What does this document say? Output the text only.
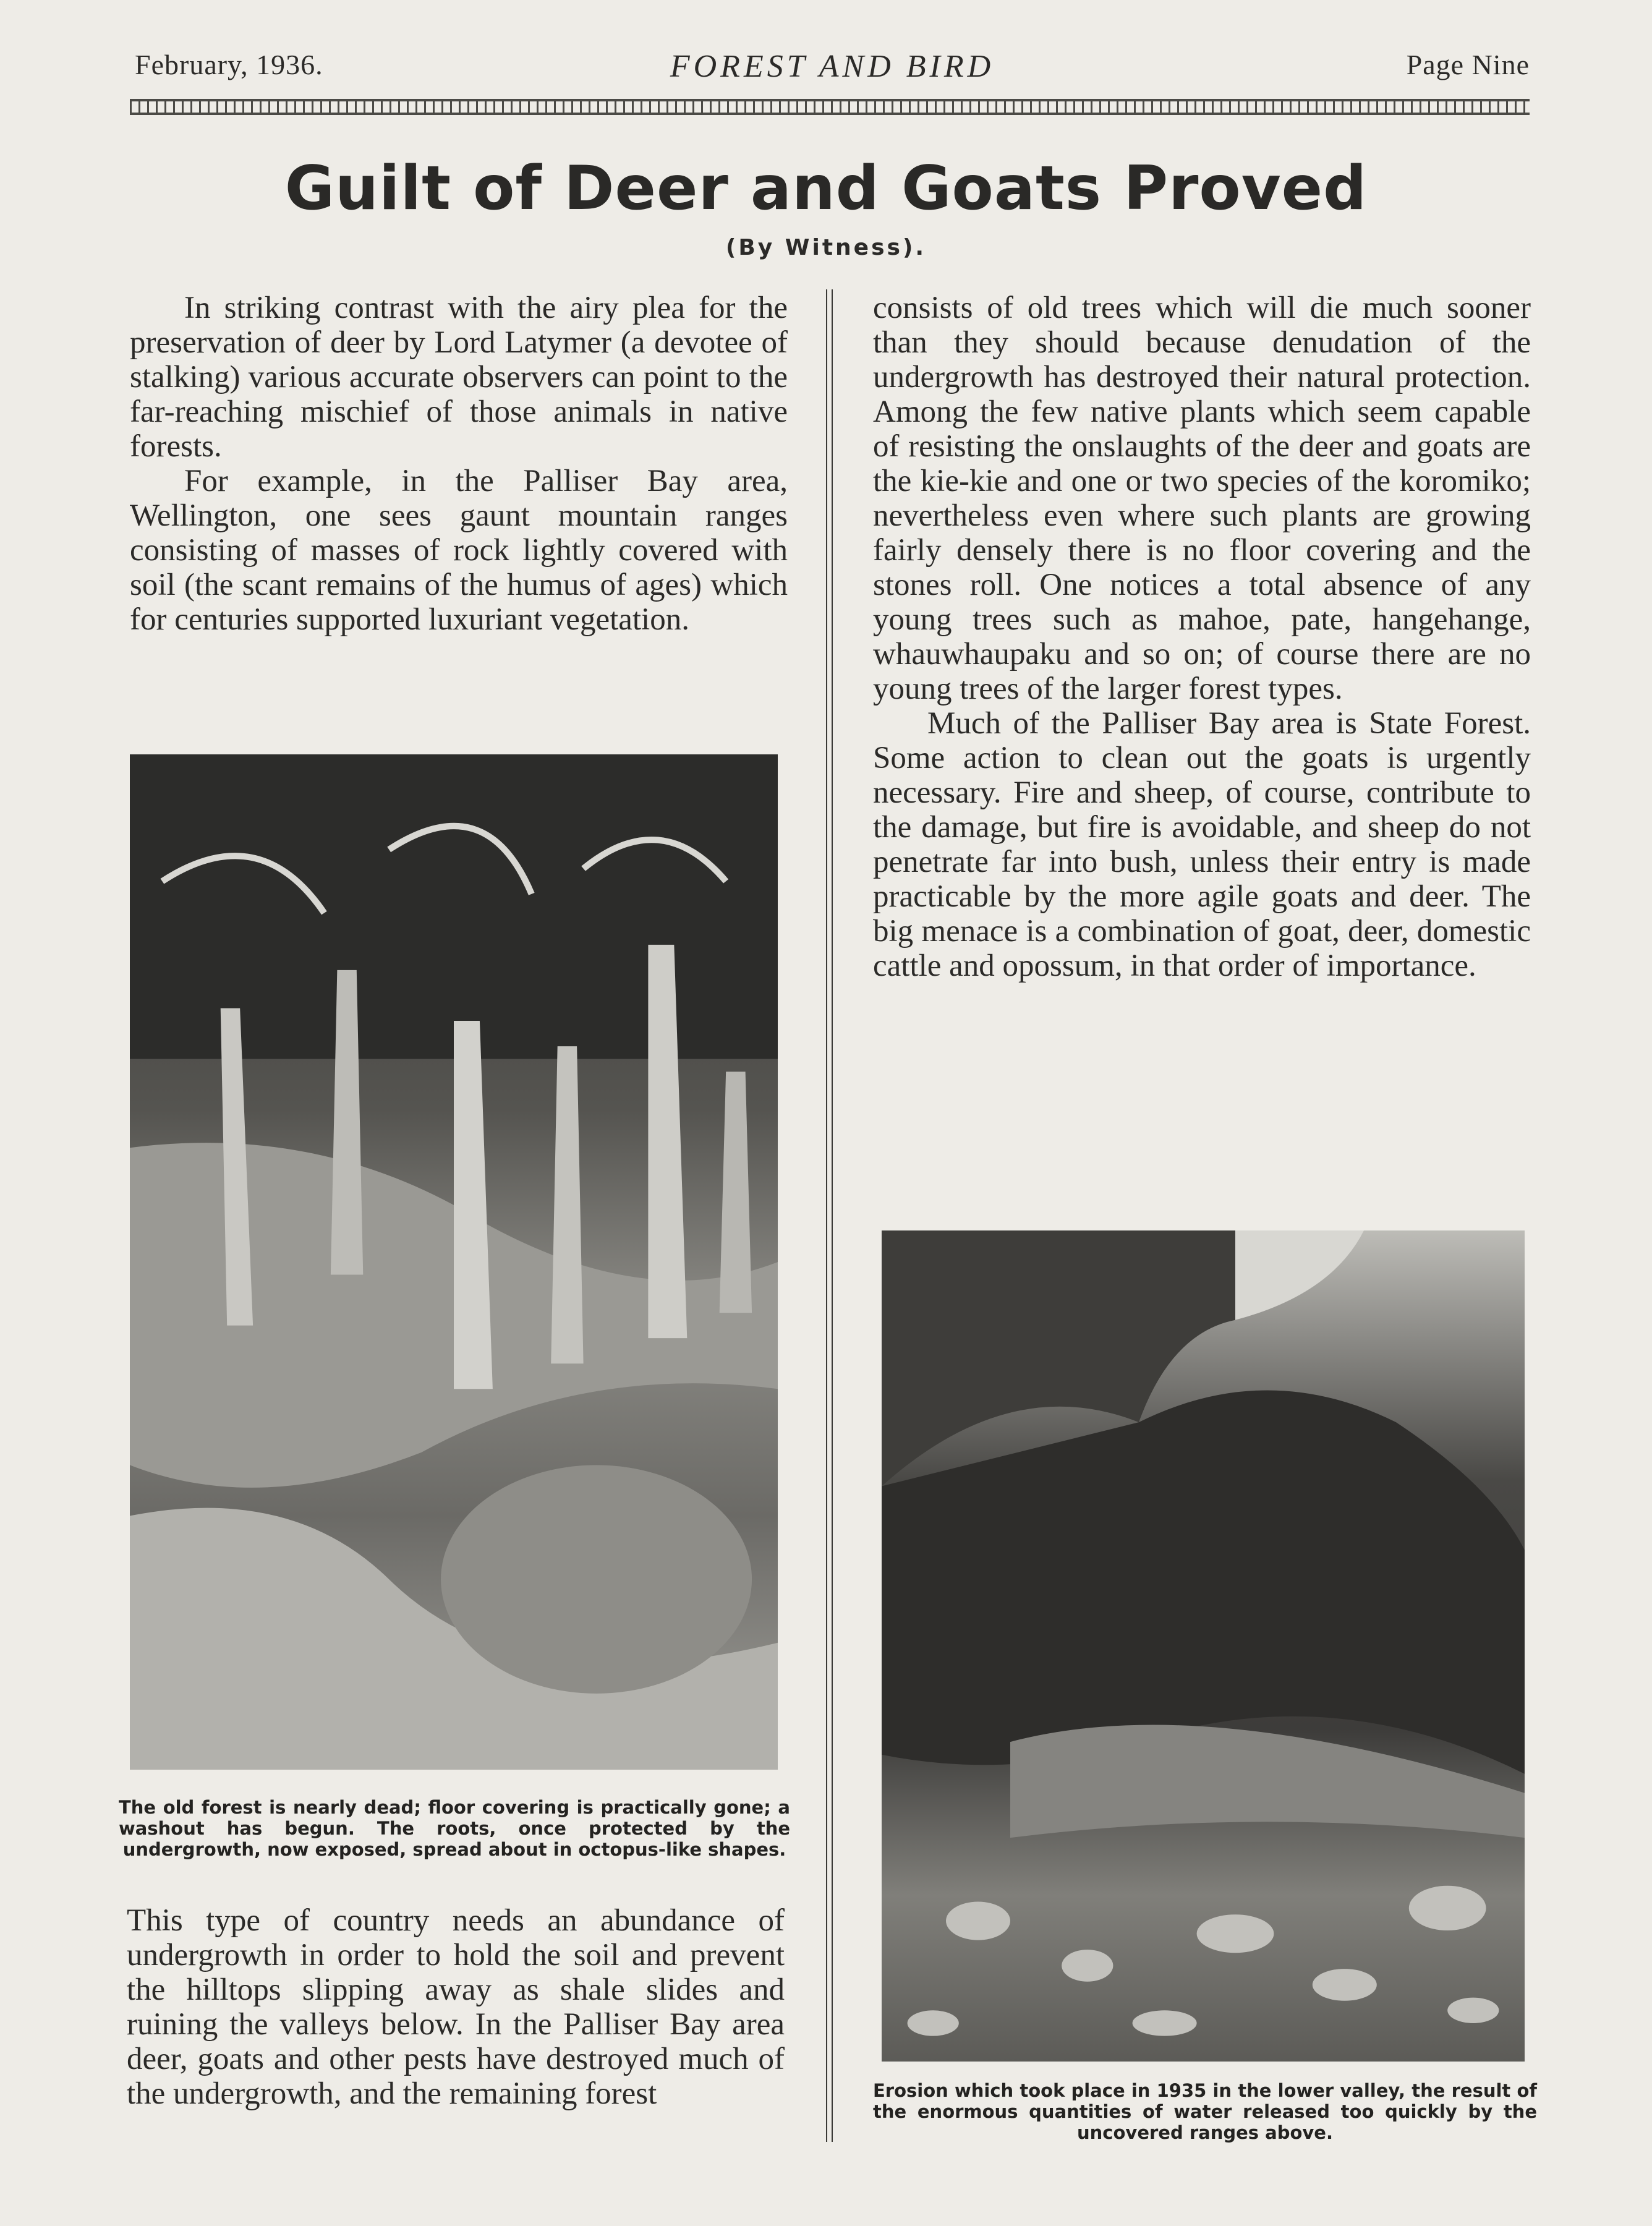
February, 1936.	FOREST AND BIRD	Page Nine
Guilt of Deer and Goats Proved
(By Witness).

In striking contrast with the airy plea for the preservation of deer by Lord Latymer (a devotee of stalking) various accurate observers can point to the far-reaching mischief of those animals in native forests.

For example, in the Palliser Bay area, Wellington, one sees gaunt mountain ranges consisting of masses of rock lightly covered with soil (the scant remains of the humus of ages) which for centuries supported luxuriant vegetation.

The old forest is nearly dead; floor covering is practically gone; a washout has begun. The roots, once protected by the undergrowth, now exposed, spread about in octopus-like shapes.

This type of country needs an abundance of undergrowth in order to hold the soil and prevent the hilltops slipping away as shale slides and ruining the valleys below. In the Palliser Bay area deer, goats and other pests have destroyed much of the undergrowth, and the remaining forest

consists of old trees which will die much sooner than they should because denudation of the undergrowth has destroyed their natural protection. Among the few native plants which seem capable of resisting the onslaughts of the deer and goats are the kie-kie and one or two species of the koromiko; nevertheless even where such plants are growing fairly densely there is no floor covering and the stones roll. One notices a total absence of any young trees such as mahoe, pate, hangehange, whauwhaupaku and so on; of course there are no young trees of the larger forest types.

Much of the Palliser Bay area is State Forest. Some action to clean out the goats is urgently necessary. Fire and sheep, of course, contribute to the damage, but fire is avoidable, and sheep do not penetrate far into bush, unless their entry is made practicable by the more agile goats and deer. The big menace is a combination of goat, deer, domestic cattle and opossum, in that order of importance.

Erosion which took place in 1935 in the lower valley, the result of the enormous quantities of water released too quickly by the uncovered ranges above.
